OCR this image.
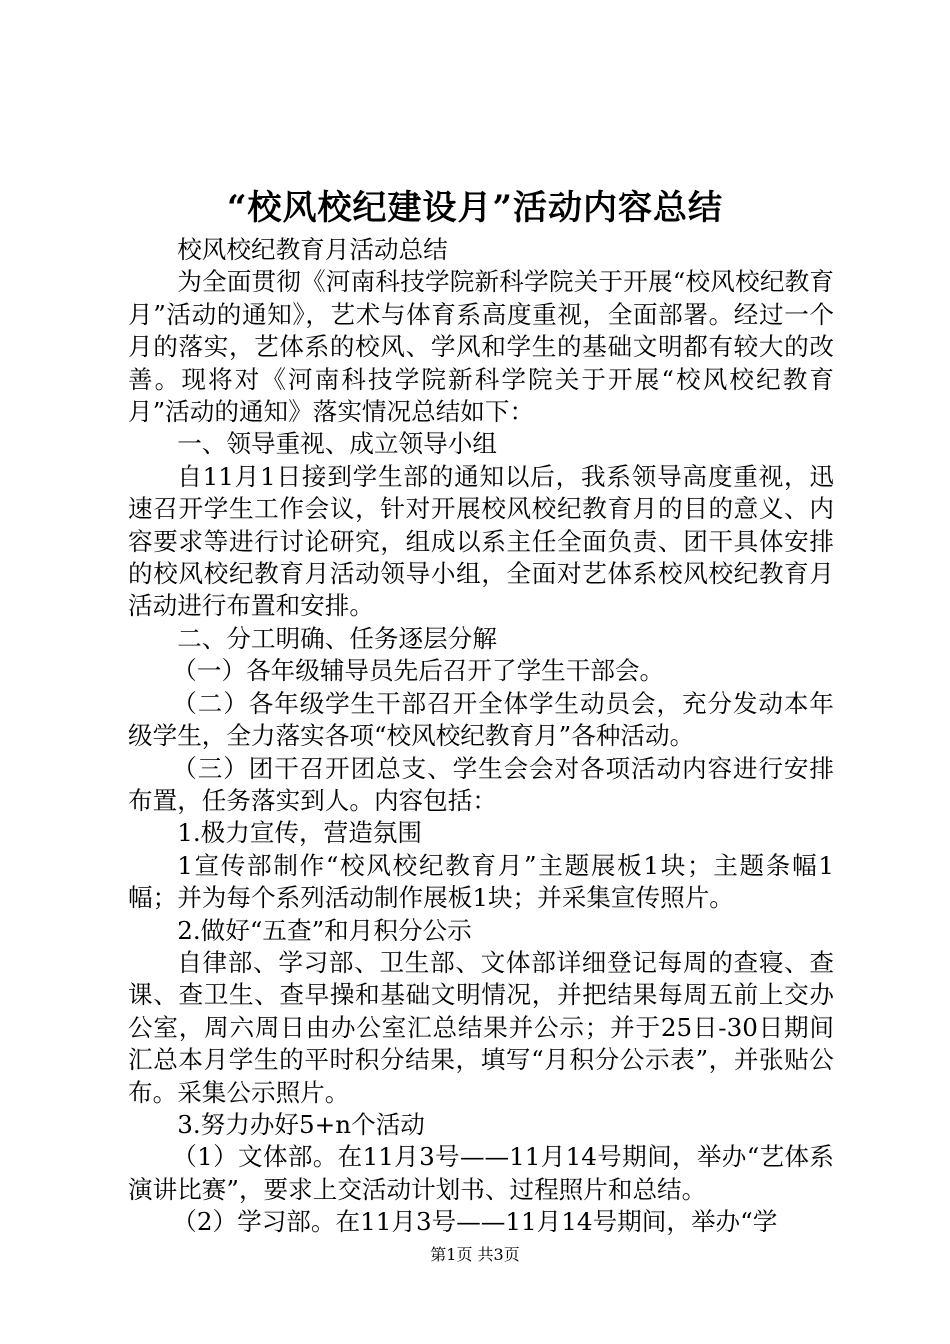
“校风校纪建设月”活动内容总结

校风校纪教育月活动总结

为全面贯彻《河南科技学院新科学院关于开展“校风校纪教育月”活动的通知》，艺术与体育系高度重视，全面部署。经过一个月的落实，艺体系的校风、学风和学生的基础文明都有较大的改善。现将对《河南科技学院新科学院关于开展“校风校纪教育月”活动的通知》落实情况总结如下：

一、领导重视、成立领导小组

自11月1日接到学生部的通知以后，我系领导高度重视，迅速召开学生工作会议，针对开展校风校纪教育月的目的意义、内容要求等进行讨论研究，组成以系主任全面负责、团干具体安排的校风校纪教育月活动领导小组，全面对艺体系校风校纪教育月活动进行布置和安排。

二、分工明确、任务逐层分解

（一）各年级辅导员先后召开了学生干部会。

（二）各年级学生干部召开全体学生动员会，充分发动本年级学生，全力落实各项“校风校纪教育月”各种活动。

（三）团干召开团总支、学生会会对各项活动内容进行安排布置，任务落实到人。内容包括：

1.极力宣传，营造氛围

1宣传部制作“校风校纪教育月”主题展板1块；主题条幅1幅；并为每个系列活动制作展板1块；并采集宣传照片。

2.做好“五查”和月积分公示

自律部、学习部、卫生部、文体部详细登记每周的查寝、查课、查卫生、查早操和基础文明情况，并把结果每周五前上交办公室，周六周日由办公室汇总结果并公示；并于25日-30日期间汇总本月学生的平时积分结果，填写“月积分公示表”，并张贴公布。采集公示照片。

3.努力办好5+n个活动

（1）文体部。在11月3号——11月14号期间，举办“艺体系演讲比赛”，要求上交活动计划书、过程照片和总结。

（2）学习部。在11月3号——11月14号期间，举办“学

第1页 共3页
